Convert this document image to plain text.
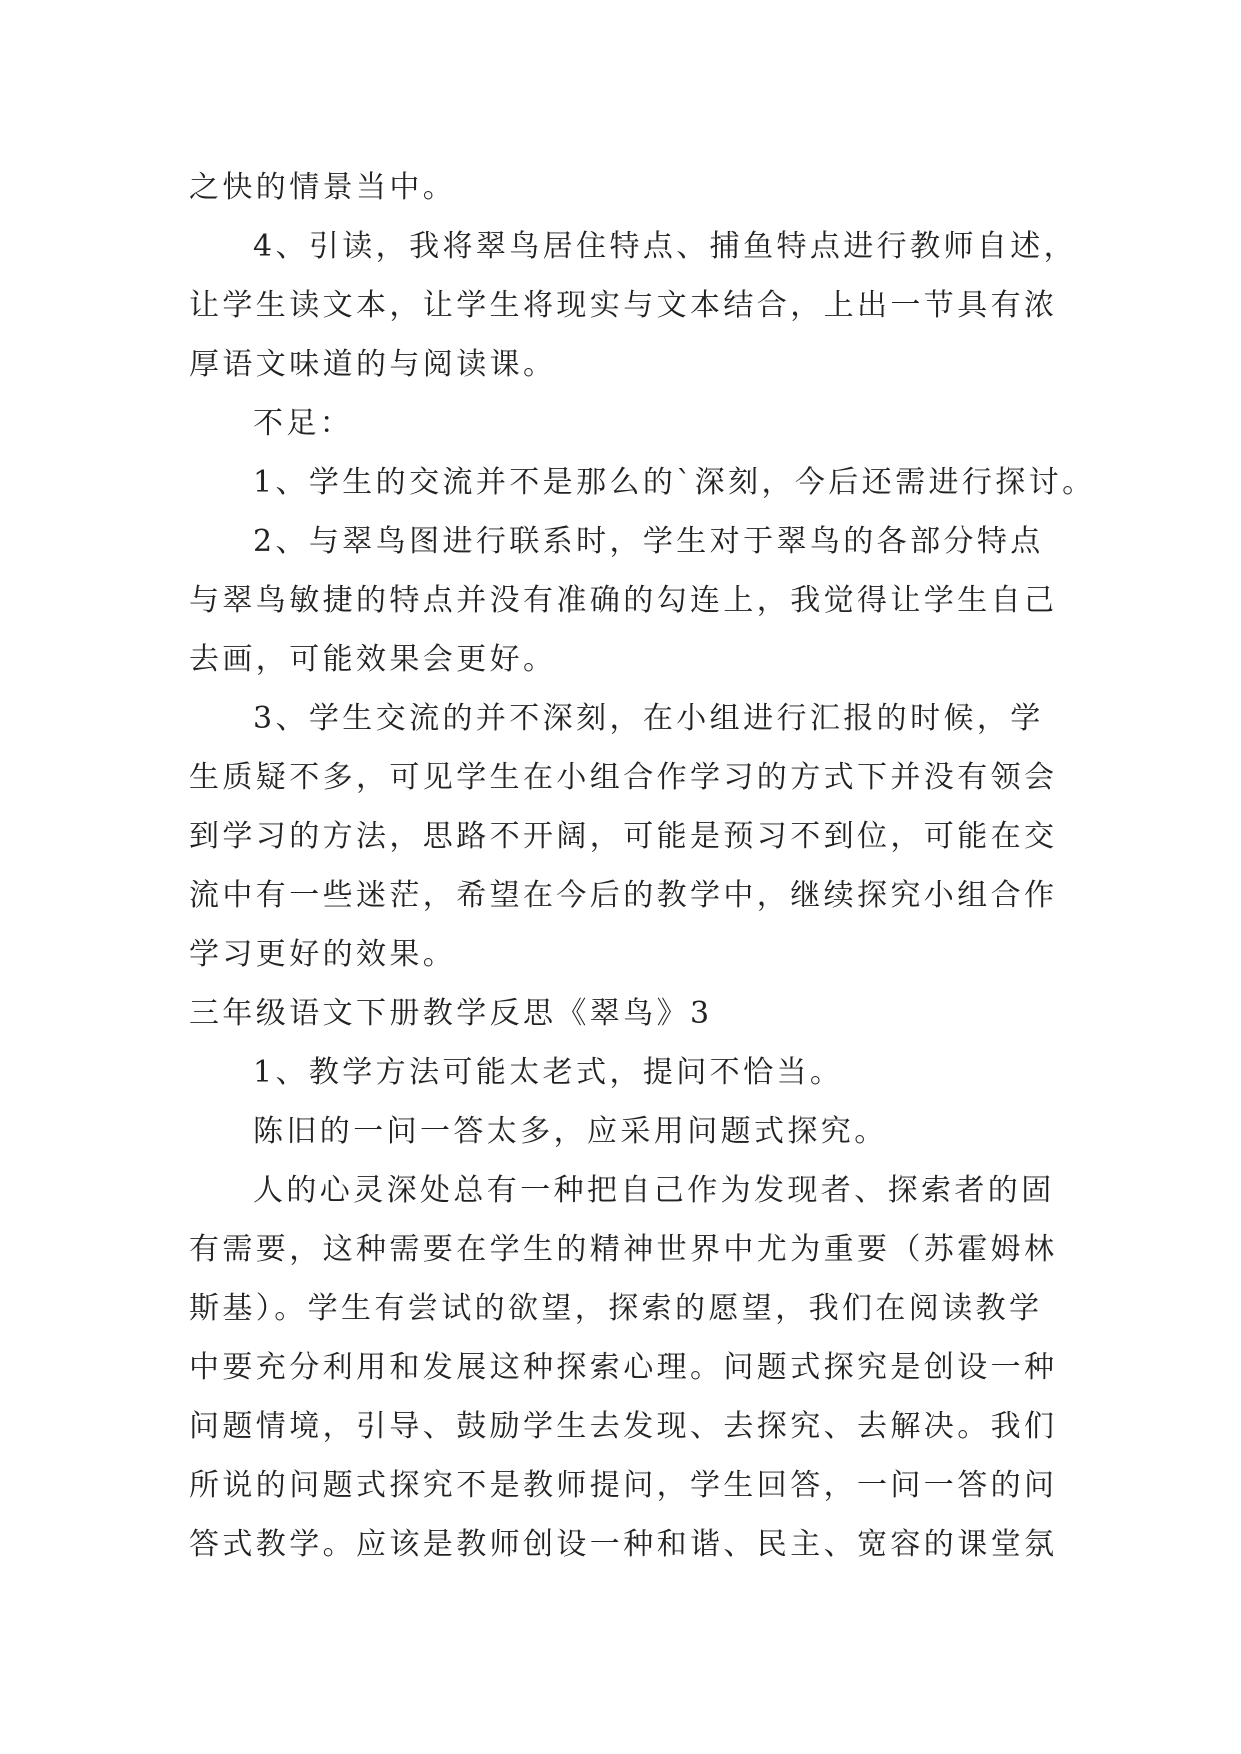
之快的情景当中。
4、引读，我将翠鸟居住特点、捕鱼特点进行教师自述，
让学生读文本，让学生将现实与文本结合，上出一节具有浓
厚语文味道的与阅读课。
不足：
1、学生的交流并不是那么的`深刻，今后还需进行探讨。
2、与翠鸟图进行联系时，学生对于翠鸟的各部分特点
与翠鸟敏捷的特点并没有准确的勾连上，我觉得让学生自己
去画，可能效果会更好。
3、学生交流的并不深刻，在小组进行汇报的时候，学
生质疑不多，可见学生在小组合作学习的方式下并没有领会
到学习的方法，思路不开阔，可能是预习不到位，可能在交
流中有一些迷茫，希望在今后的教学中，继续探究小组合作
学习更好的效果。
三年级语文下册教学反思《翠鸟》3
1、教学方法可能太老式，提问不恰当。
陈旧的一问一答太多，应采用问题式探究。
人的心灵深处总有一种把自己作为发现者、探索者的固
有需要，这种需要在学生的精神世界中尤为重要（苏霍姆林
斯基）。学生有尝试的欲望，探索的愿望，我们在阅读教学
中要充分利用和发展这种探索心理。问题式探究是创设一种
问题情境，引导、鼓励学生去发现、去探究、去解决。我们
所说的问题式探究不是教师提问，学生回答，一问一答的问
答式教学。应该是教师创设一种和谐、民主、宽容的课堂氛
